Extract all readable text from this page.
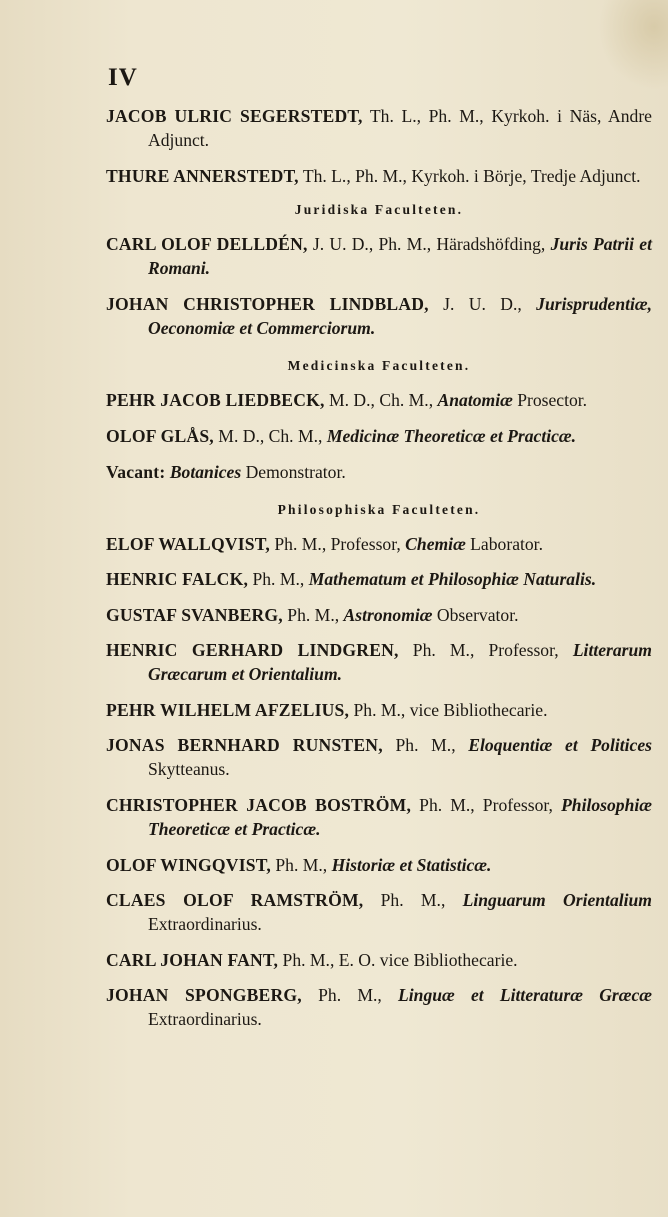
IV
JACOB ULRIC SEGERSTEDT, Th. L., Ph. M., Kyrkoh. i Näs, Andre Adjunct.
THURE ANNERSTEDT, Th. L., Ph. M., Kyrkoh. i Börje, Tredje Adjunct.
Juridiska Faculteten.
CARL OLOF DELLDÉN, J. U. D., Ph. M., Häradshöfding, Juris Patrii et Romani.
JOHAN CHRISTOPHER LINDBLAD, J. U. D., Jurisprudentiæ, Oeconomiæ et Commerciorum.
Medicinska Faculteten.
PEHR JACOB LIEDBECK, M. D., Ch. M., Anatomiæ Prosector.
OLOF GLÅS, M. D., Ch. M., Medicinæ Theoreticæ et Practicæ.
Vacant: Botanices Demonstrator.
Philosophiska Faculteten.
ELOF WALLQVIST, Ph. M., Professor, Chemiæ Laborator.
HENRIC FALCK, Ph. M., Mathematum et Philosophiæ Naturalis.
GUSTAF SVANBERG, Ph. M., Astronomiæ Observator.
HENRIC GERHARD LINDGREN, Ph. M., Professor, Litterarum Græcarum et Orientalium.
PEHR WILHELM AFZELIUS, Ph. M., vice Bibliothecarie.
JONAS BERNHARD RUNSTEN, Ph. M., Eloquentiæ et Politices Skytteanus.
CHRISTOPHER JACOB BOSTRÖM, Ph. M., Professor, Philosophiæ Theoreticæ et Practicæ.
OLOF WINGQVIST, Ph. M., Historiæ et Statisticæ.
CLAES OLOF RAMSTRÖM, Ph. M., Linguarum Orientalium Extraordinarius.
CARL JOHAN FANT, Ph. M., E. O. vice Bibliothecarie.
JOHAN SPONGBERG, Ph. M., Linguæ et Litteraturæ Græcæ Extraordinarius.
